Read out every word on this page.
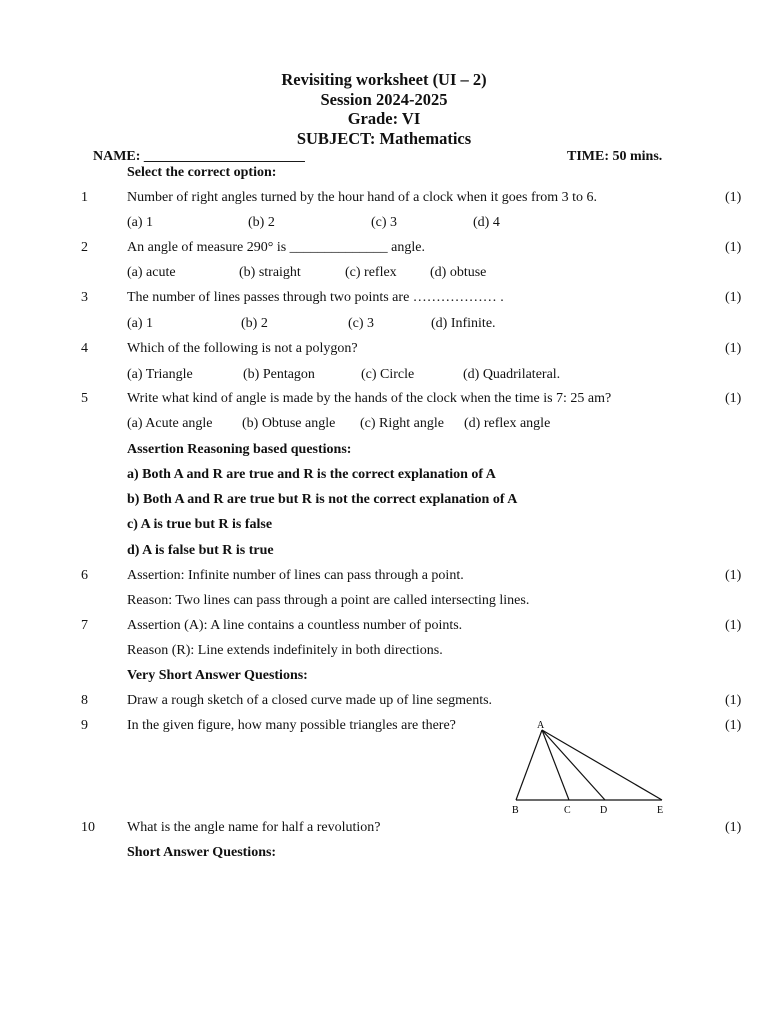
Revisiting worksheet (UI – 2)
Session 2024-2025
Grade: VI
SUBJECT: Mathematics
NAME: _______________________	TIME: 50 mins.
Select the correct option:
1	Number of right angles turned by the hour hand of a clock when it goes from 3 to 6.	(1)
(a) 1	(b) 2	(c) 3	(d) 4
2	An angle of measure 290° is ______________ angle.	(1)
(a) acute	(b) straight	(c) reflex (d) obtuse
3	The number of lines passes through two points are ……………… .	(1)
(a) 1	(b) 2	(c) 3	(d) Infinite.
4	Which of the following is not a polygon?	(1)
(a) Triangle	(b) Pentagon	(c) Circle	(d) Quadrilateral.
5	Write what kind of angle is made by the hands of the clock when the time is 7: 25 am?	(1)
(a) Acute angle (b) Obtuse angle (c) Right angle (d) reflex angle
Assertion Reasoning based questions:
a) Both A and R are true and R is the correct explanation of A
b) Both A and R are true but R is not the correct explanation of A
c) A is true but R is false
d) A is false but R is true
6	Assertion: Infinite number of lines can pass through a point.	(1)
Reason: Two lines can pass through a point are called intersecting lines.
7	Assertion (A): A line contains a countless number of points.	(1)
Reason (R): Line extends indefinitely in both directions.
Very Short Answer Questions:
8	Draw a rough sketch of a closed curve made up of line segments.	(1)
9	In the given figure, how many possible triangles are there?	(1)
A
B	C	D	E
10 What is the angle name for half a revolution?	(1)
Short Answer Questions:
